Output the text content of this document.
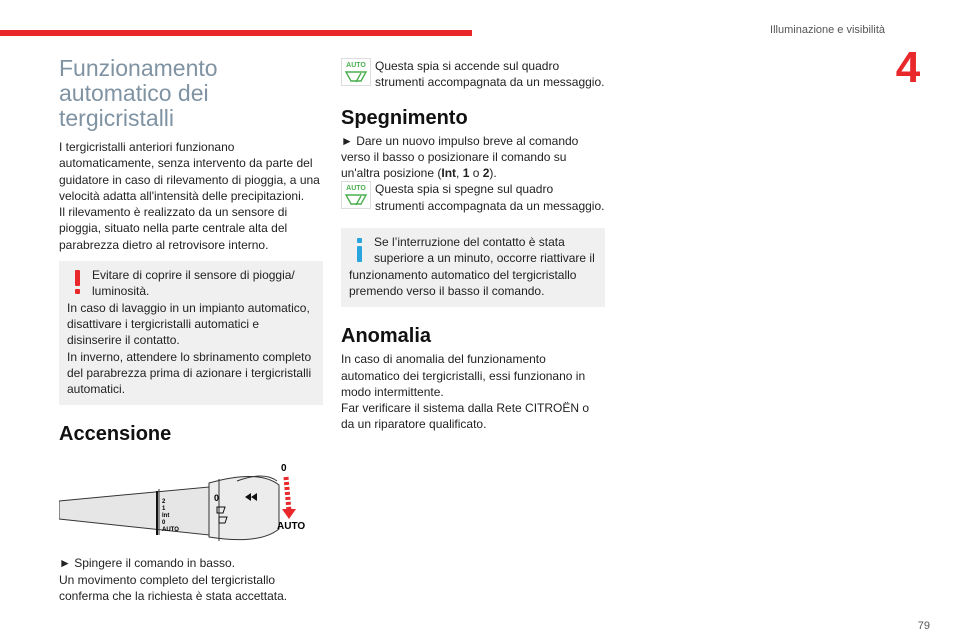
Illuminazione e visibilità
4
79
Funzionamento automatico dei tergicristalli

I tergicristalli anteriori funzionano automaticamente, senza intervento da parte del guidatore in caso di rilevamento di pioggia, a una velocità adatta all'intensità delle precipitazioni.

Il rilevamento è realizzato da un sensore di pioggia, situato nella parte centrale alta del parabrezza dietro al retrovisore interno.

Evitare di coprire il sensore di pioggia/ luminosità.

In caso di lavaggio in un impianto automatico, disattivare i tergicristalli automatici e disinserire il contatto.

In inverno, attendere lo sbrinamento completo del parabrezza prima di azionare i tergicristalli automatici.

Accensione
2
1
Int
0
AUTO
0
0
AUTO

► Spingere il comando in basso.

Un movimento completo del tergicristallo conferma che la richiesta è stata accettata.

AUTO Questa spia si accende sul quadro strumenti accompagnata da un messaggio.

Spegnimento

► Dare un nuovo impulso breve al comando verso il basso o posizionare il comando su un'altra posizione (Int, 1 o 2).

AUTO Questa spia si spegne sul quadro strumenti accompagnata da un messaggio.

Se l’interruzione del contatto è stata superiore a un minuto, occorre riattivare il funzionamento automatico del tergicristallo premendo verso il basso il comando.

Anomalia

In caso di anomalia del funzionamento automatico dei tergicristalli, essi funzionano in modo intermittente.

Far verificare il sistema dalla Rete CITROËN o da un riparatore qualificato.
